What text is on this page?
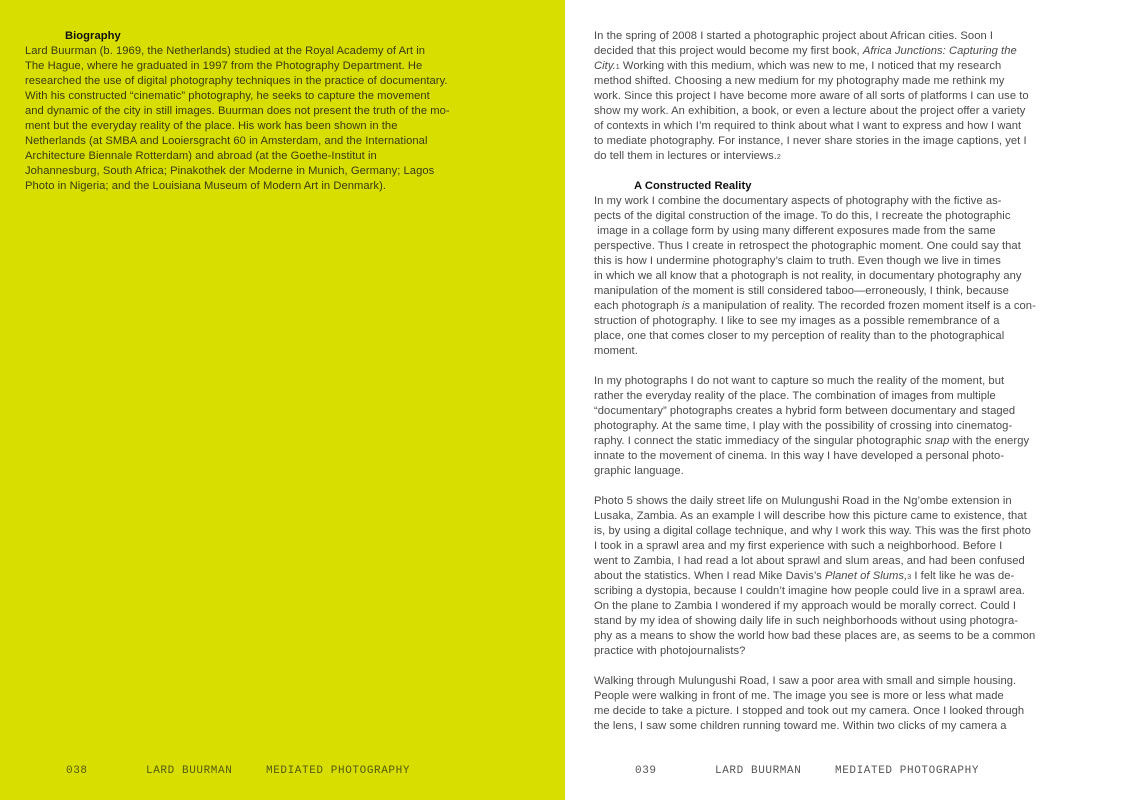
Biography
Lard Buurman (b. 1969, the Netherlands) studied at the Royal Academy of Art in
The Hague, where he graduated in 1997 from the Photography Department. He
researched the use of digital photography techniques in the practice of documentary.
With his constructed “cinematic” photography, he seeks to capture the movement
and dynamic of the city in still images. Buurman does not present the truth of the mo-
ment but the everyday reality of the place. His work has been shown in the
Netherlands (at SMBA and Looiersgracht 60 in Amsterdam, and the International
Architecture Biennale Rotterdam) and abroad (at the Goethe-Institut in
Johannesburg, South Africa; Pinakothek der Moderne in Munich, Germany; Lagos
Photo in Nigeria; and the Louisiana Museum of Modern Art in Denmark).
038	LARD BUURMAN	MEDIATED PHOTOGRAPHY
In the spring of 2008 I started a photographic project about African cities. Soon I
decided that this project would become my first book, Africa Junctions: Capturing the
City.$^1$ Working with this medium, which was new to me, I noticed that my research
method shifted. Choosing a new medium for my photography made me rethink my
work. Since this project I have become more aware of all sorts of platforms I can use to
show my work. An exhibition, a book, or even a lecture about the project offer a variety
of contexts in which I’m required to think about what I want to express and how I want
to mediate photography. For instance, I never share stories in the image captions, yet I
do tell them in lectures or interviews.$^2$
A Constructed Reality
In my work I combine the documentary aspects of photography with the fictive as-
pects of the digital construction of the image. To do this, I recreate the photographic
image in a collage form by using many different exposures made from the same
perspective. Thus I create in retrospect the photographic moment. One could say that
this is how I undermine photography’s claim to truth. Even though we live in times
in which we all know that a photograph is not reality, in documentary photography any
manipulation of the moment is still considered taboo—erroneously, I think, because
each photograph is a manipulation of reality. The recorded frozen moment itself is a con-
struction of photography. I like to see my images as a possible remembrance of a
place, one that comes closer to my perception of reality than to the photographical
moment.
In my photographs I do not want to capture so much the reality of the moment, but
rather the everyday reality of the place. The combination of images from multiple
“documentary” photographs creates a hybrid form between documentary and staged
photography. At the same time, I play with the possibility of crossing into cinematog-
raphy. I connect the static immediacy of the singular photographic snap with the energy
innate to the movement of cinema. In this way I have developed a personal photo-
graphic language.
Photo 5 shows the daily street life on Mulungushi Road in the Ng’ombe extension in
Lusaka, Zambia. As an example I will describe how this picture came to existence, that
is, by using a digital collage technique, and why I work this way. This was the first photo
I took in a sprawl area and my first experience with such a neighborhood. Before I
went to Zambia, I had read a lot about sprawl and slum areas, and had been confused
about the statistics. When I read Mike Davis’s Planet of Slums,$^3$ I felt like he was de-
scribing a dystopia, because I couldn’t imagine how people could live in a sprawl area.
On the plane to Zambia I wondered if my approach would be morally correct. Could I
stand by my idea of showing daily life in such neighborhoods without using photogra-
phy as a means to show the world how bad these places are, as seems to be a common
practice with photojournalists?
Walking through Mulungushi Road, I saw a poor area with small and simple housing.
People were walking in front of me. The image you see is more or less what made
me decide to take a picture. I stopped and took out my camera. Once I looked through
the lens, I saw some children running toward me. Within two clicks of my camera a
039	LARD BUURMAN	MEDIATED PHOTOGRAPHY
